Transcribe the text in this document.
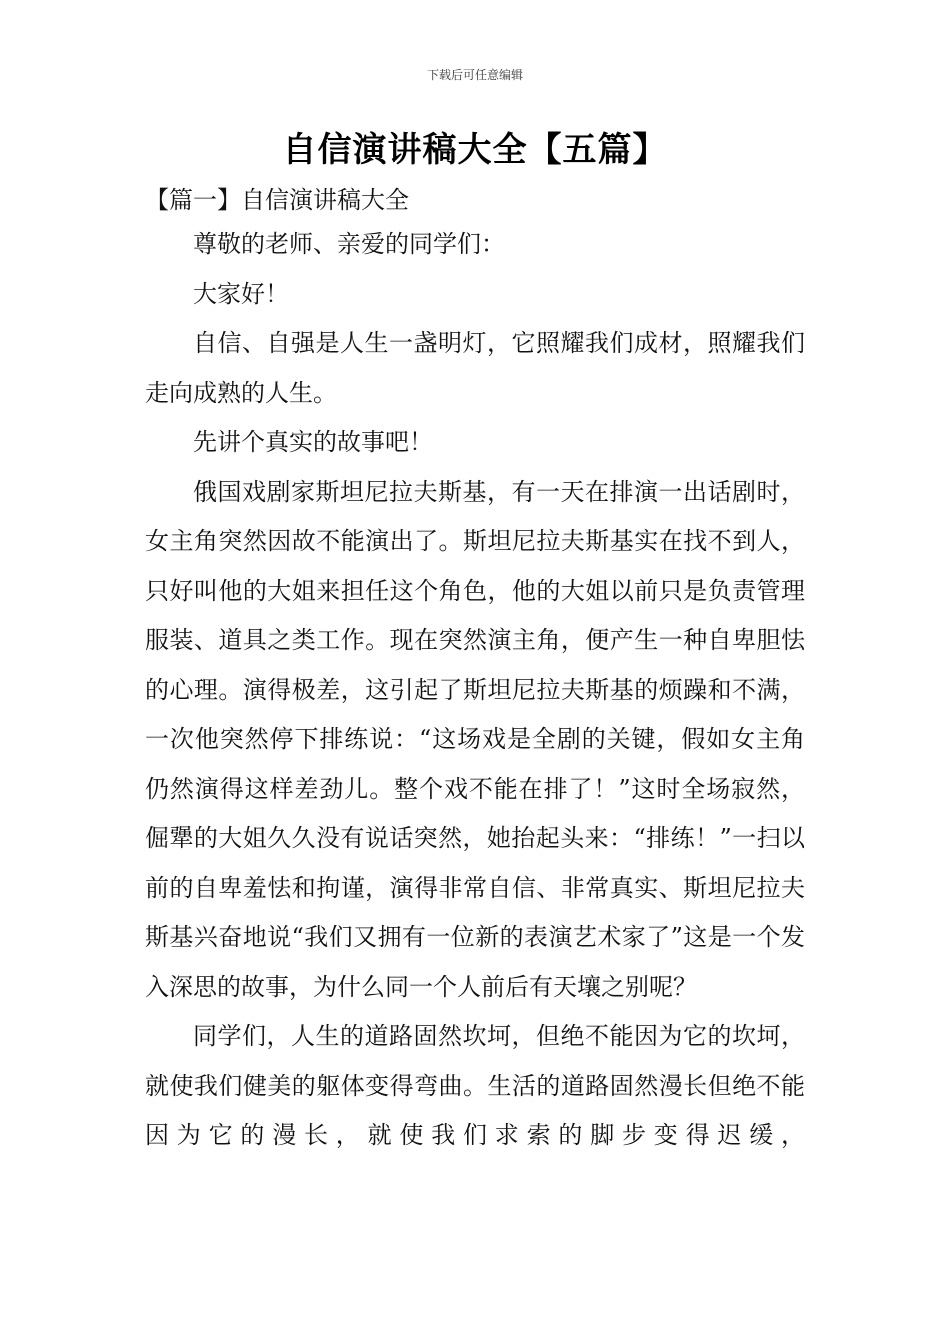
下载后可任意编辑
自信演讲稿大全【五篇】
【篇一】自信演讲稿大全

尊敬的老师、亲爱的同学们：

大家好！

自信、自强是人生一盏明灯，它照耀我们成材，照耀我们走向成熟的人生。

先讲个真实的故事吧！

俄国戏剧家斯坦尼拉夫斯基，有一天在排演一出话剧时，女主角突然因故不能演出了。斯坦尼拉夫斯基实在找不到人，只好叫他的大姐来担任这个角色，他的大姐以前只是负责管理服装、道具之类工作。现在突然演主角，便产生一种自卑胆怯的心理。演得极差，这引起了斯坦尼拉夫斯基的烦躁和不满，一次他突然停下排练说：“这场戏是全剧的关键，假如女主角仍然演得这样差劲儿。整个戏不能在排了！”这时全场寂然，倔犟的大姐久久没有说话突然，她抬起头来：“排练！”一扫以前的自卑羞怯和拘谨，演得非常自信、非常真实、斯坦尼拉夫斯基兴奋地说“我们又拥有一位新的表演艺术家了”这是一个发入深思的故事，为什么同一个人前后有天壤之别呢？

同学们，人生的道路固然坎坷，但绝不能因为它的坎坷，就使我们健美的躯体变得弯曲。生活的道路固然漫长但绝不能因为它的漫长，就使我们求索的脚步变得迟缓，
